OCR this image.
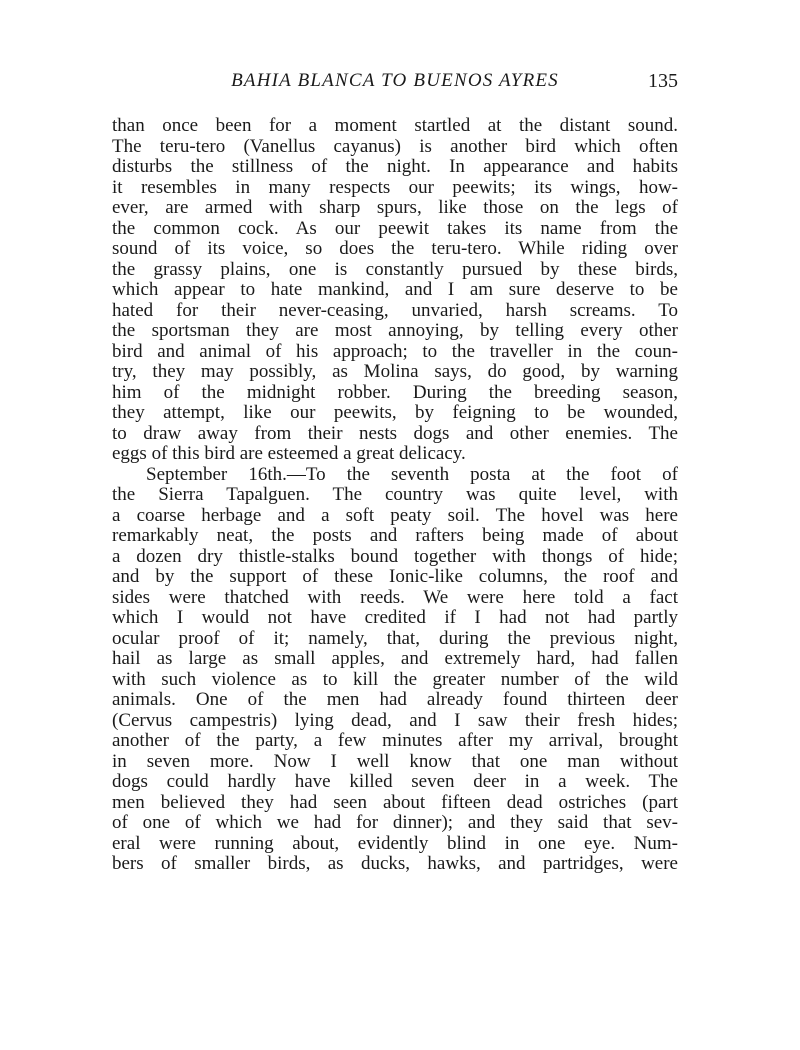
BAHIA BLANCA TO BUENOS AYRES	135
than once been for a moment startled at the distant sound.
The teru-tero (Vanellus cayanus) is another bird which often
disturbs the stillness of the night. In appearance and habits
it resembles in many respects our peewits; its wings, how-
ever, are armed with sharp spurs, like those on the legs of
the common cock. As our peewit takes its name from the
sound of its voice, so does the teru-tero. While riding over
the grassy plains, one is constantly pursued by these birds,
which appear to hate mankind, and I am sure deserve to be
hated for their never-ceasing, unvaried, harsh screams. To
the sportsman they are most annoying, by telling every other
bird and animal of his approach; to the traveller in the coun-
try, they may possibly, as Molina says, do good, by warning
him of the midnight robber. During the breeding season,
they attempt, like our peewits, by feigning to be wounded,
to draw away from their nests dogs and other enemies. The
eggs of this bird are esteemed a great delicacy.
September 16th.—To the seventh posta at the foot of
the Sierra Tapalguen. The country was quite level, with
a coarse herbage and a soft peaty soil. The hovel was here
remarkably neat, the posts and rafters being made of about
a dozen dry thistle-stalks bound together with thongs of hide;
and by the support of these Ionic-like columns, the roof and
sides were thatched with reeds. We were here told a fact
which I would not have credited if I had not had partly
ocular proof of it; namely, that, during the previous night,
hail as large as small apples, and extremely hard, had fallen
with such violence as to kill the greater number of the wild
animals. One of the men had already found thirteen deer
(Cervus campestris) lying dead, and I saw their fresh hides;
another of the party, a few minutes after my arrival, brought
in seven more. Now I well know that one man without
dogs could hardly have killed seven deer in a week. The
men believed they had seen about fifteen dead ostriches (part
of one of which we had for dinner); and they said that sev-
eral were running about, evidently blind in one eye. Num-
bers of smaller birds, as ducks, hawks, and partridges, were
